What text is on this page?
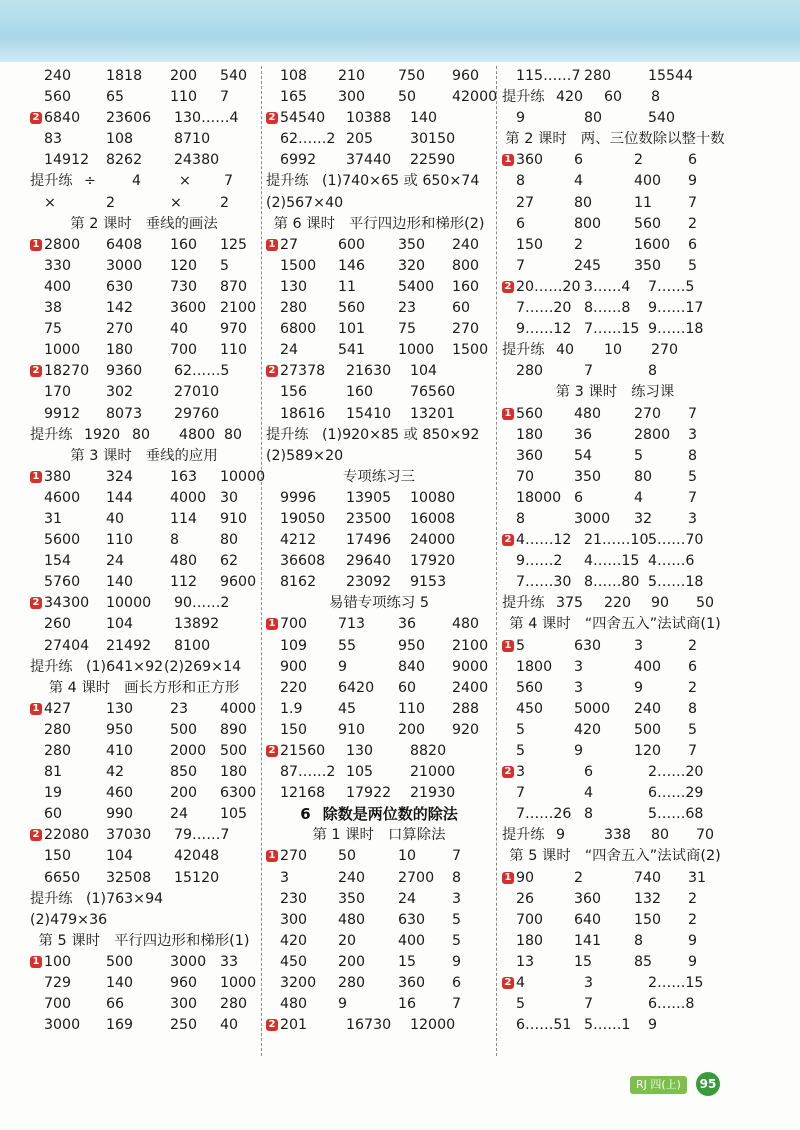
240 1818 200 540
560 65	110 7
2 6840 23606 130……4
83	108	8710
14912 8262 24380
提升练 ÷	4	× 7
×	2	×	2
第 2 课时 垂线的画法
1 2800 6408 160 125
330 3000 120 5
400 630	730 870
38	142	3600 2100
75	270	40 970
1000 180	700 110
2 18270 9360 62……5
170 302	27010
9912 8073 29760
提升练 1920 80 4800 80
第 3 课时 垂线的应用
1 380 324	163 10000
4600 144	4000 30
31	40	114 910
5600 110	8	80
154 24	480 62
5760 140	112 9600
2 34300 10000 90……2
260 104	13892
27404 21492 8100
提升练 (1)641×92 (2)269×14
第 4 课时 画长方形和正方形
1 427 130	23 4000
280 950	500 890
280 410	2000 500
81	42	850 180
19	460	200 6300
60	990	24 105
2 22080 37030 79……7
150 104	42048
6650 32508 15120
提升练 (1)763×94
(2)479×36
第 5 课时 平行四边形和梯形(1)
1 100 500	3000 33
729 140	960 1000
700 66	300 280
3000 169	250 40
108 210 750 960
165 300 50	42000
2 54540 10388 140
62……2 205	30150
6992 37440 22590
提升练 (1)740×65 或 650×74
(2)567×40
第 6 课时 平行四边形和梯形(2)
1 27	600 350 240
1500 146 320 800
130 11	5400 160
280 560 23	60
6800 101 75	270
24	541 1000 1500
2 27378 21630 104
156	160	76560
18616 15410 13201
提升练 (1)920×85 或 850×92
(2)589×20
专项练习三
9996 13905 10080
19050 23500 16008
4212 17496 24000
36608 29640 17920
8162 23092 9153
易错专项练习 5
1 700 713 36	480
109 55	950 2100
900 9	840 9000
220 6420 60	2400
1.9 45	110 288
150 910 200 920
2 21560 130	8820
87……2 105	21000
12168 17922 21930
6 除数是两位数的除法
第 1 课时 口算除法
1 270 50	10	7
3	240 2700 8
230 350 24	3
300 480 630 5
420 20	400 5
450 200 15	9
3200 280 360 6
480 9	16	7
2 201	16730 12000
115……7 280	15544
提升练 420 60 8
9	80	540
第 2 课时 两、三位数除以整十数
1 360 6	2	6
8	4	400 9
27	80	11	7
6	800 560 2
150 2	1600 6
7	245 350 5
2 20……20 3……4 7……5
7……20 8……8 9……17
9……12 7……15 9……18
提升练 40 10 270
280	7	8
第 3 课时 练习课
1 560 480 270 7
180 36	2800 3
360 54	5	8
70	350 80	5
18000 6	4	7
8	3000 32	3
2 4……12 21……10 5……70
9……2 4……15 4……6
7……30 8……80 5……18
提升练 375 220 90 50
第 4 课时 “四舍五入”法试商(1)
1 5	630 3	2
1800 3	400 6
560 3	9	2
450 5000 240 8
5	420 500 5
5	9	120 7
2 3	6	2……20
7	4	6……29
7……26 8	5……68
提升练 9	338 80 70
第 5 课时 “四舍五入”法试商(2)
1 90	2	740 31
26	360 132 2
700 640 150 2
180 141 8	9
13	15	85	9
2 4	3	2……15
5	7	6……8
6……51 5……1 9
RJ 四(上)	95
